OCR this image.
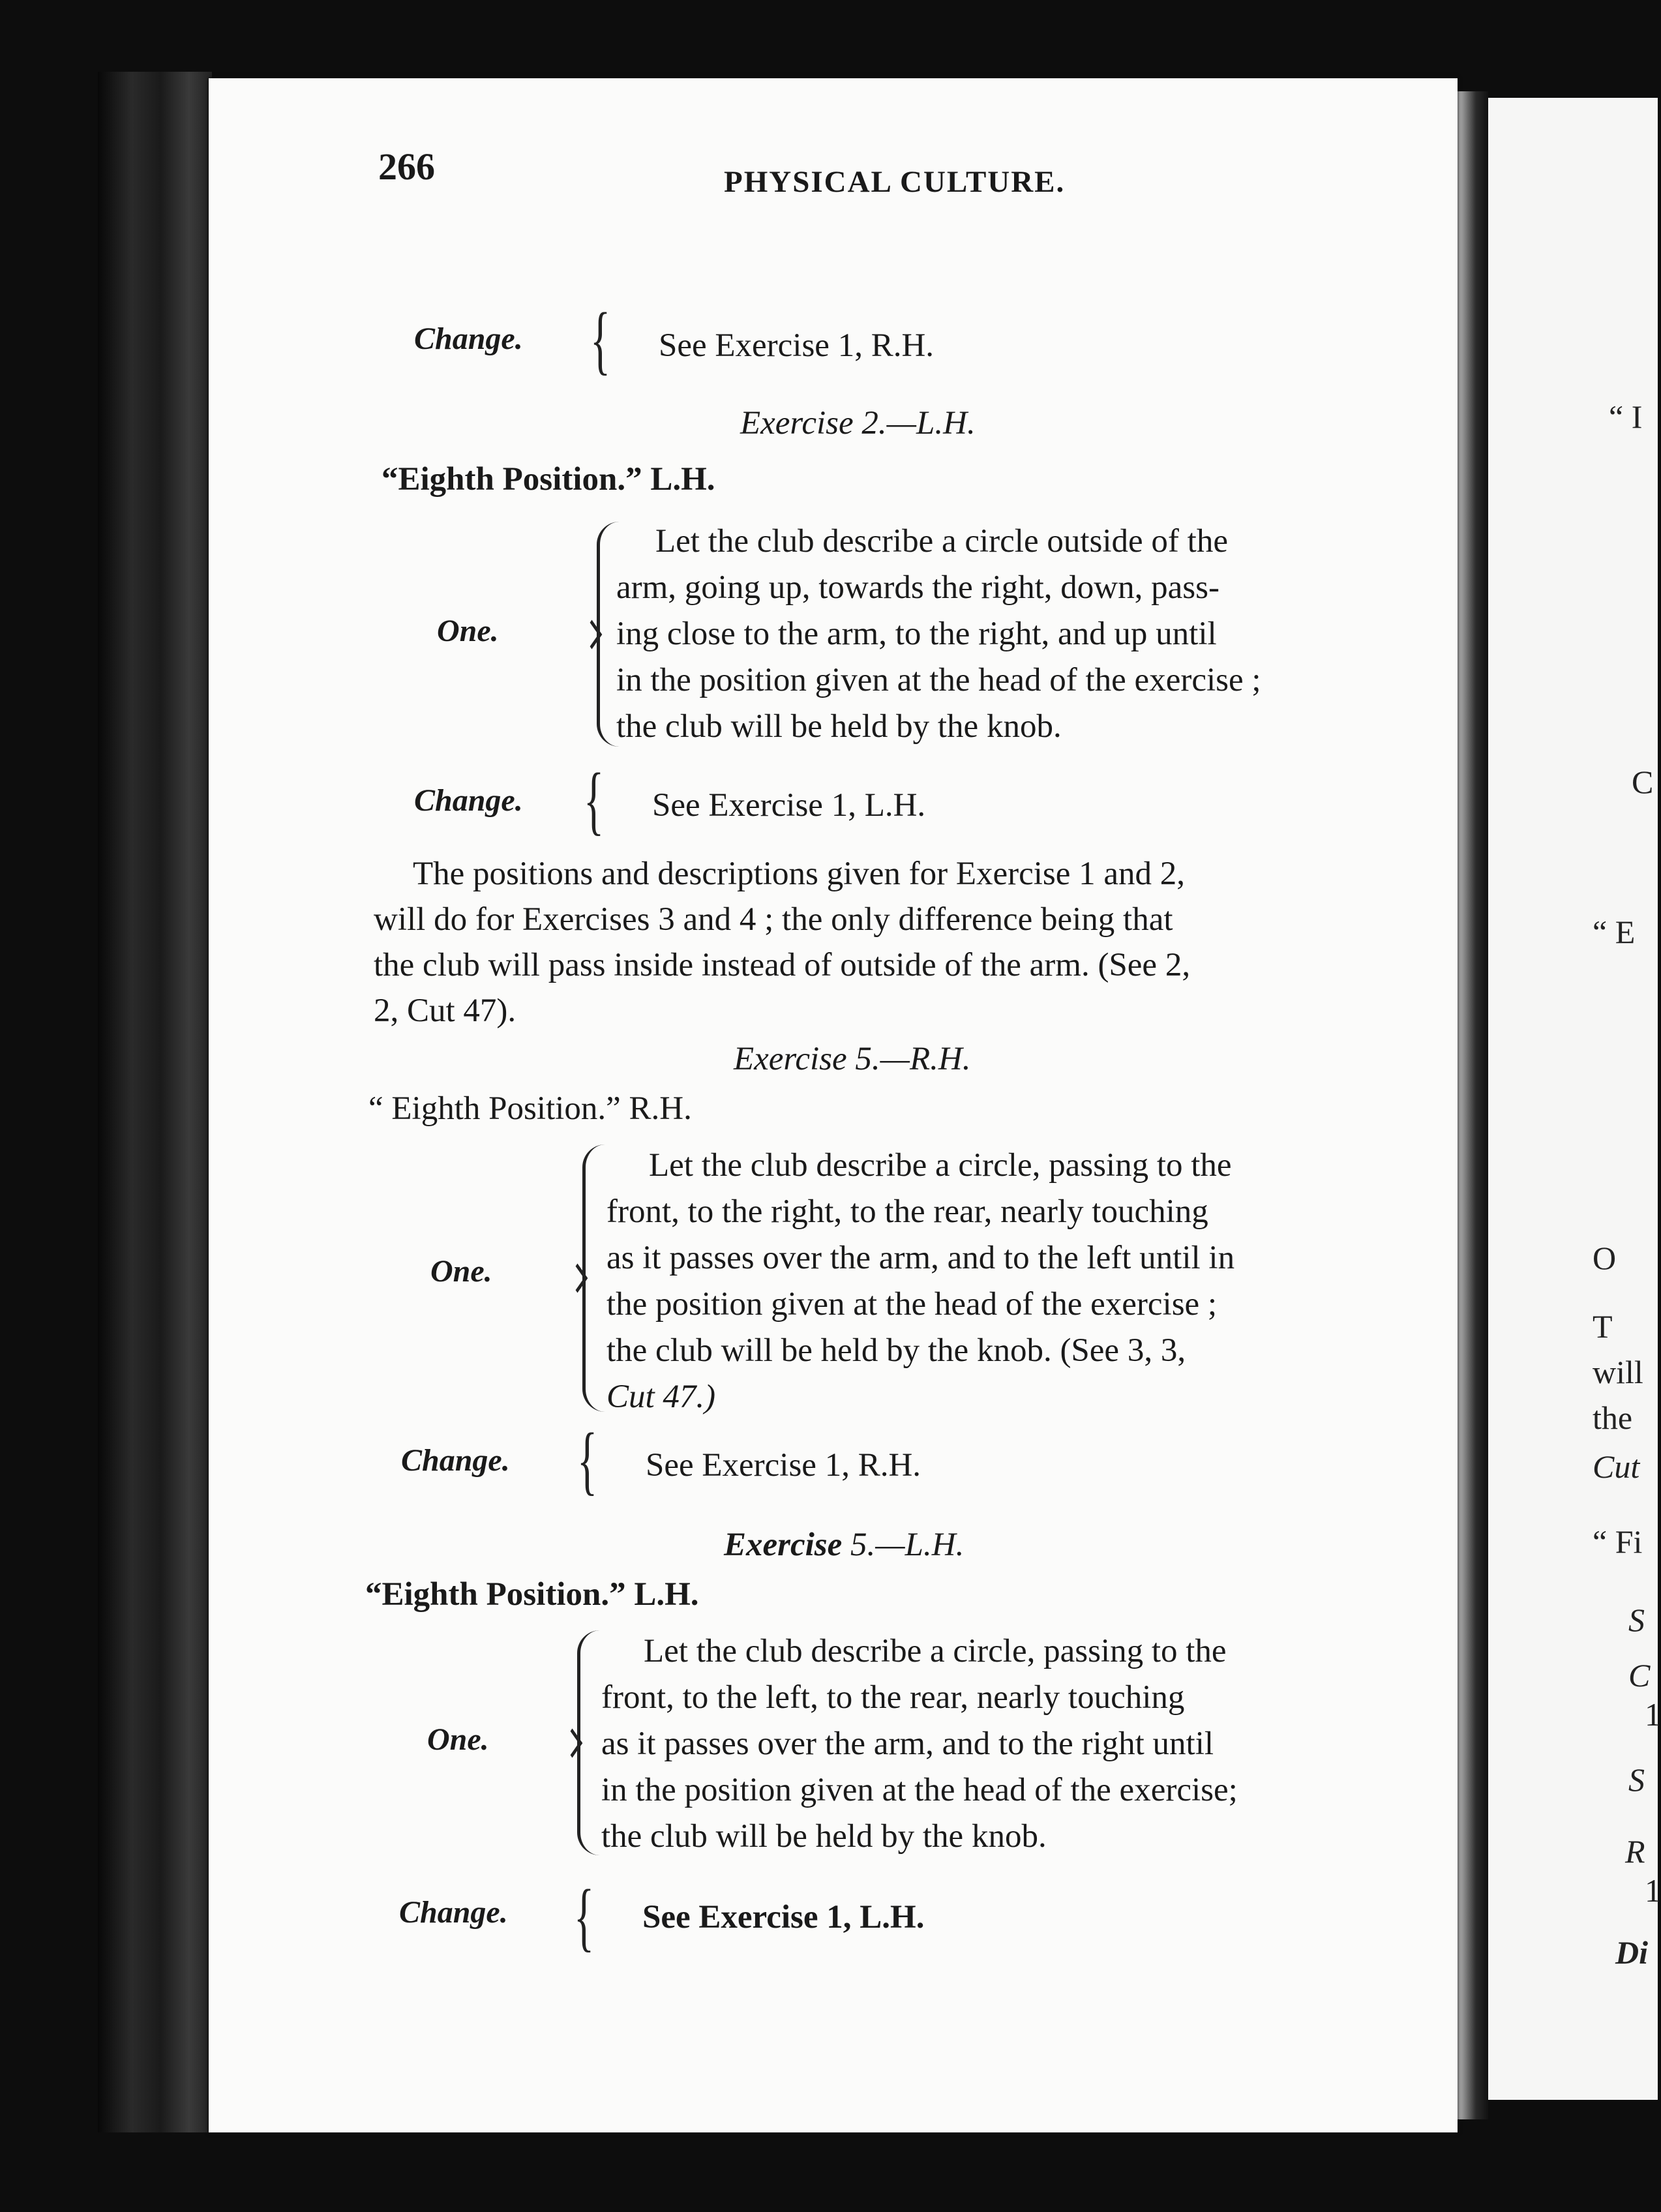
“ I
C
“ E
O
T
will
the
Cut
“ Fi
S
C
1
S
R
1
Di
266	PHYSICAL CULTURE.
Change. { See Exercise 1, R.H.
Exercise 2.—L.H.
“Eighth Position.” L.H.
One.
Let the club describe a circle outside of the
arm, going up, towards the right, down, pass-
ing close to the arm, to the right, and up until
in the position given at the head of the exercise ;
the club will be held by the knob.
Change. { See Exercise 1, L.H.

The positions and descriptions given for Exercise 1 and 2,

will do for Exercises 3 and 4 ; the only difference being that

the club will pass inside instead of outside of the arm. (See 2,

2, Cut 47).

Exercise 5.—R.H.
“ Eighth Position.” R.H.
One.
Let the club describe a circle, passing to the
front, to the right, to the rear, nearly touching
as it passes over the arm, and to the left until in
the position given at the head of the exercise ;
the club will be held by the knob. (See 3, 3,
Cut 47.)
Change. { See Exercise 1, R.H.
Exercise 5.—L.H.
“Eighth Position.” L.H.
One.
Let the club describe a circle, passing to the
front, to the left, to the rear, nearly touching
as it passes over the arm, and to the right until
in the position given at the head of the exercise;
the club will be held by the knob.
Change. { See Exercise 1, L.H.
